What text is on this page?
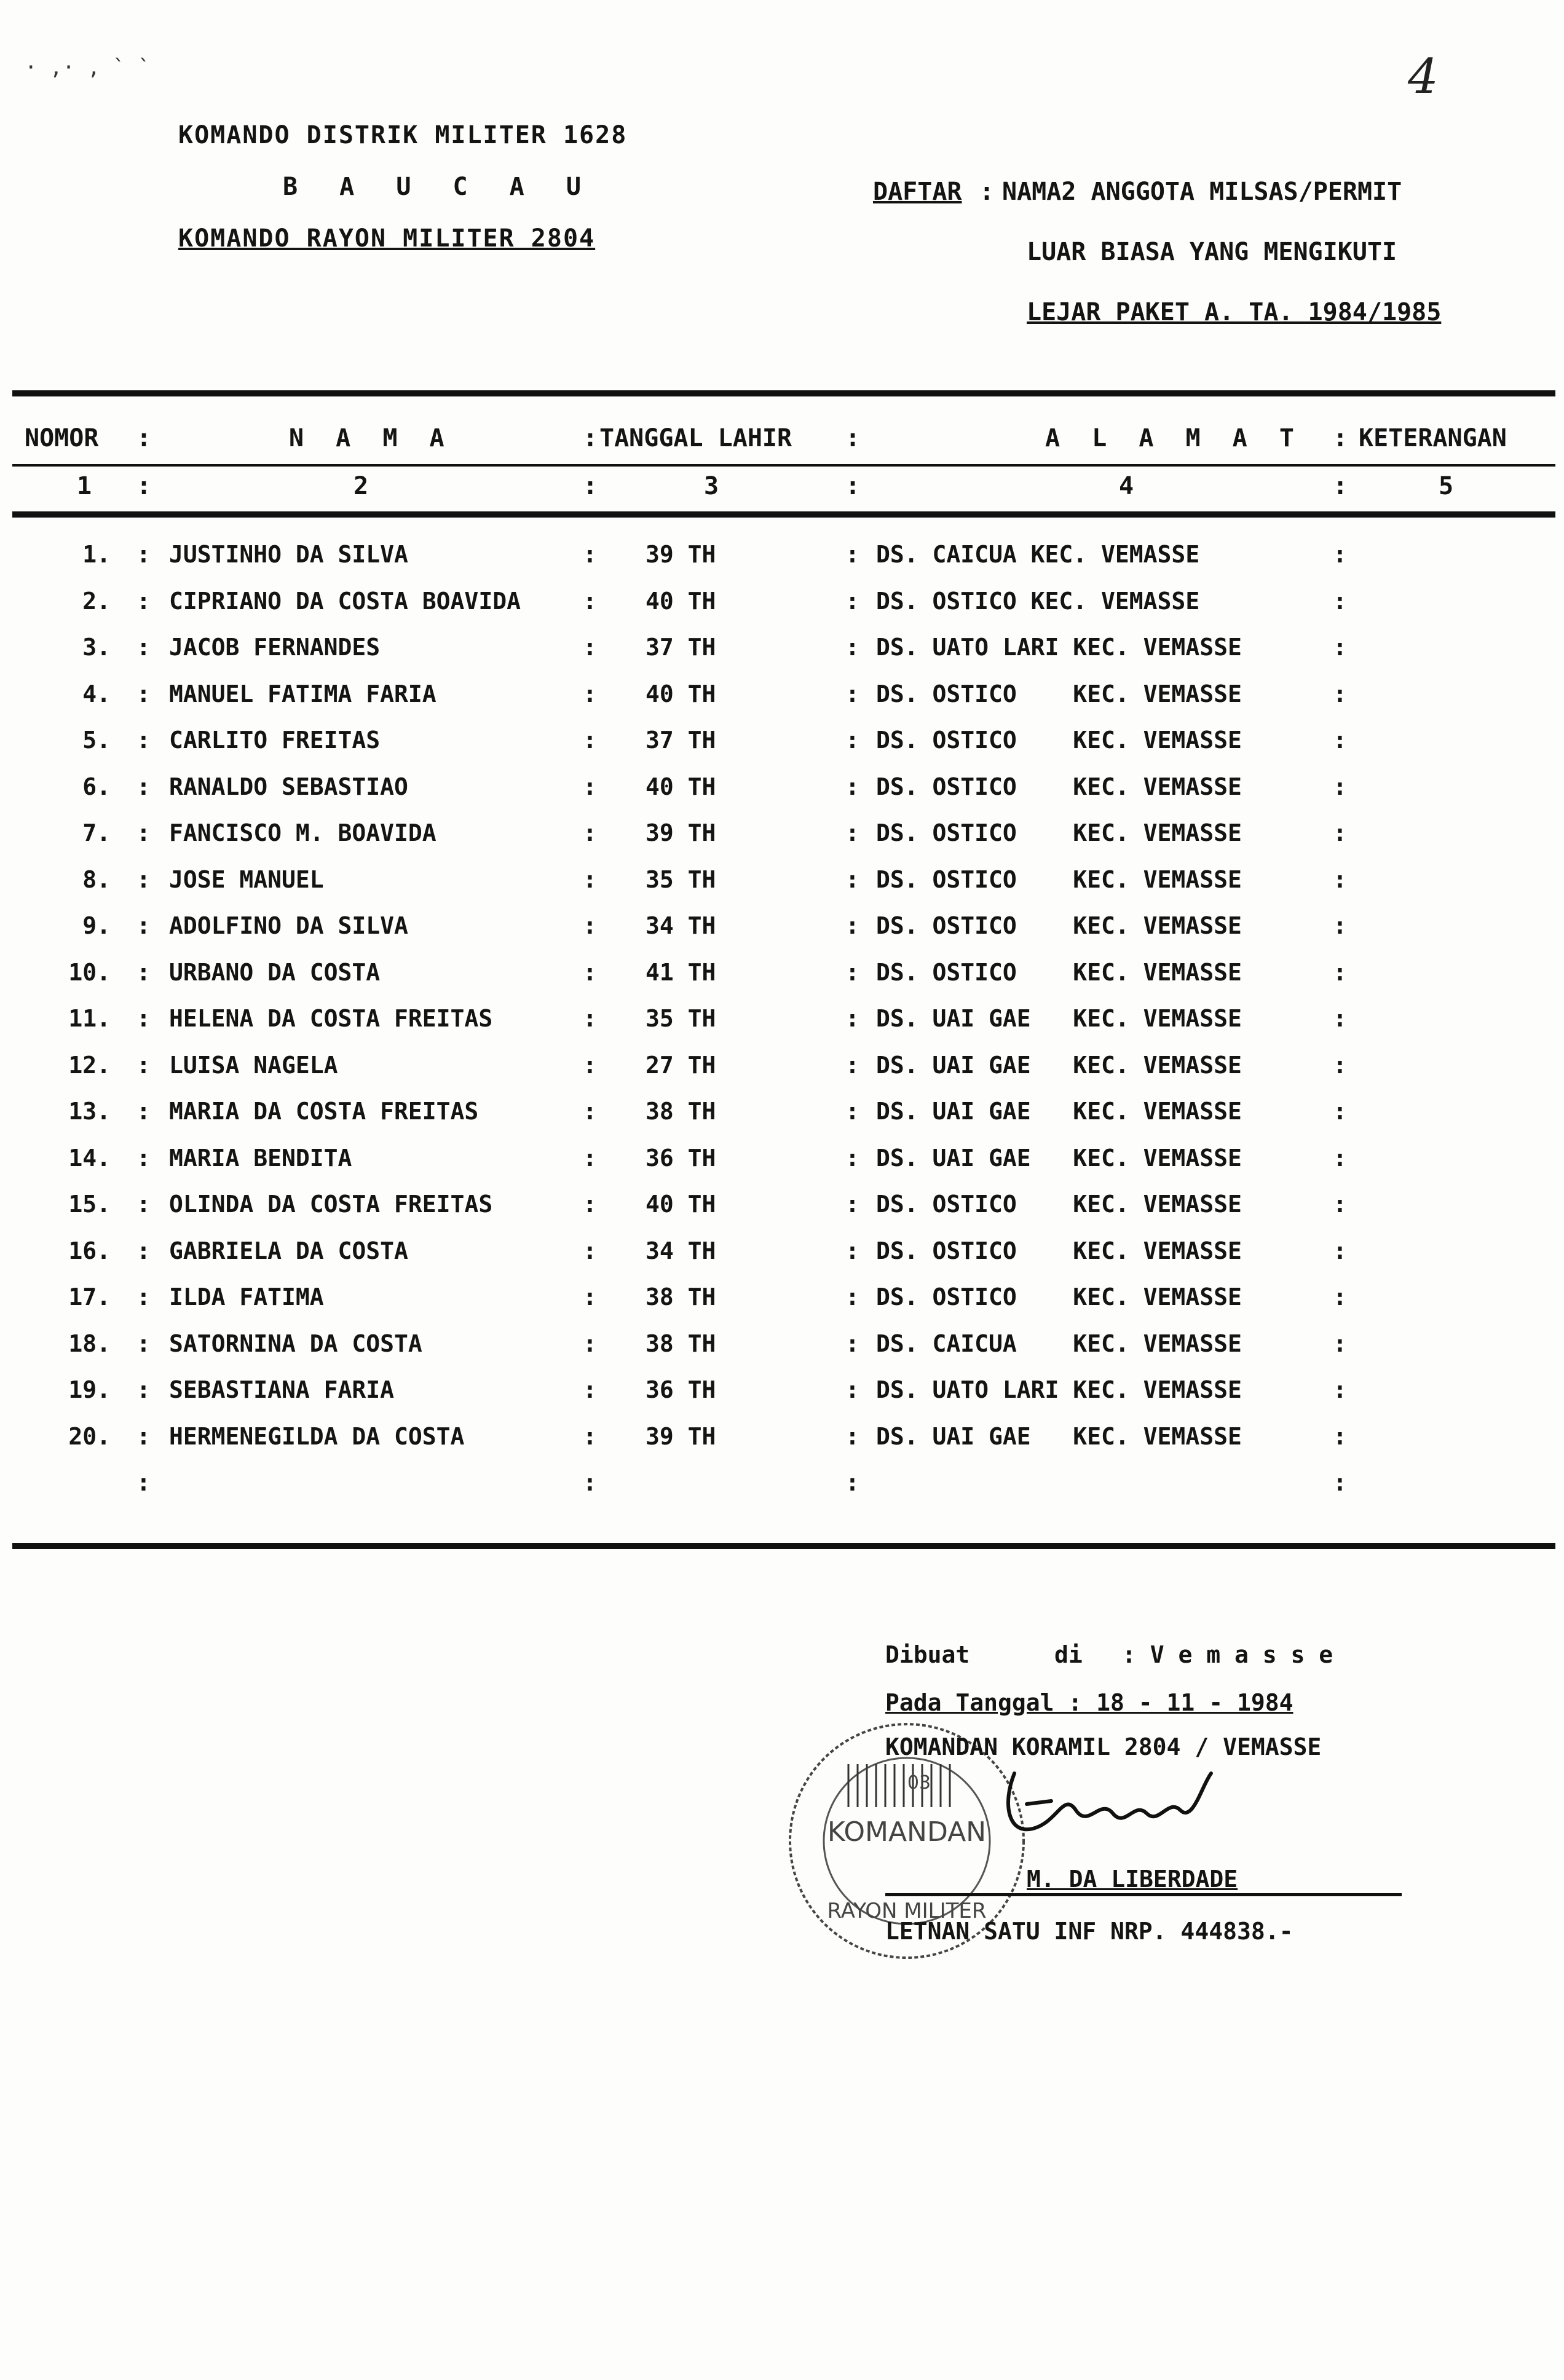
· ,· , ` `	4
KOMANDO DISTRIK MILITER 1628
B A U C A U
KOMANDO RAYON MILITER 2804
DAFTAR : NAMA2 ANGGOTA MILSAS/PERMIT
LUAR BIASA YANG MENGIKUTI
LEJAR PAKET A. TA. 1984/1985
NOMOR :	N A M A	: TANGGAL LAHIR :	A L A M A T : KETERANGAN
1 :	2	:	3	:	4	:	5
1. : JUSTINHO DA SILVA	: 39 TH	: DS. CAICUA KEC. VEMASSE	:
2. : CIPRIANO DA COSTA BOAVIDA	: 40 TH	: DS. OSTICO KEC. VEMASSE	:
3. : JACOB FERNANDES	: 37 TH	: DS. UATO LARI KEC. VEMASSE	:
4. : MANUEL FATIMA FARIA	: 40 TH	: DS. OSTICO    KEC. VEMASSE	:
5. : CARLITO FREITAS	: 37 TH	: DS. OSTICO    KEC. VEMASSE	:
6. : RANALDO SEBASTIAO	: 40 TH	: DS. OSTICO    KEC. VEMASSE	:
7. : FANCISCO M. BOAVIDA	: 39 TH	: DS. OSTICO    KEC. VEMASSE	:
8. : JOSE MANUEL	: 35 TH	: DS. OSTICO    KEC. VEMASSE	:
9. : ADOLFINO DA SILVA	: 34 TH	: DS. OSTICO    KEC. VEMASSE	:
10. : URBANO DA COSTA	: 41 TH	: DS. OSTICO    KEC. VEMASSE	:
11. : HELENA DA COSTA FREITAS	: 35 TH	: DS. UAI GAE   KEC. VEMASSE	:
12. : LUISA NAGELA	: 27 TH	: DS. UAI GAE   KEC. VEMASSE	:
13. : MARIA DA COSTA FREITAS	: 38 TH	: DS. UAI GAE   KEC. VEMASSE	:
14. : MARIA BENDITA	: 36 TH	: DS. UAI GAE   KEC. VEMASSE	:
15. : OLINDA DA COSTA FREITAS	: 40 TH	: DS. OSTICO    KEC. VEMASSE	:
16. : GABRIELA DA COSTA	: 34 TH	: DS. OSTICO    KEC. VEMASSE	:
17. : ILDA FATIMA	: 38 TH	: DS. OSTICO    KEC. VEMASSE	:
18. : SATORNINA DA COSTA	: 38 TH	: DS. CAICUA    KEC. VEMASSE	:
19. : SEBASTIANA FARIA	: 36 TH	: DS. UATO LARI KEC. VEMASSE	:
20. : HERMENEGILDA DA COSTA	: 39 TH	: DS. UAI GAE   KEC. VEMASSE	:
:	:	:	:
KOMANDAN
03
RAYON MILITER
Dibuat	di : V e m a s s e
Pada Tanggal : 18 - 11 - 1984
KOMANDAN KORAMIL 2804 / VEMASSE
M. DA LIBERDADE
LETNAN SATU INF NRP. 444838.-
